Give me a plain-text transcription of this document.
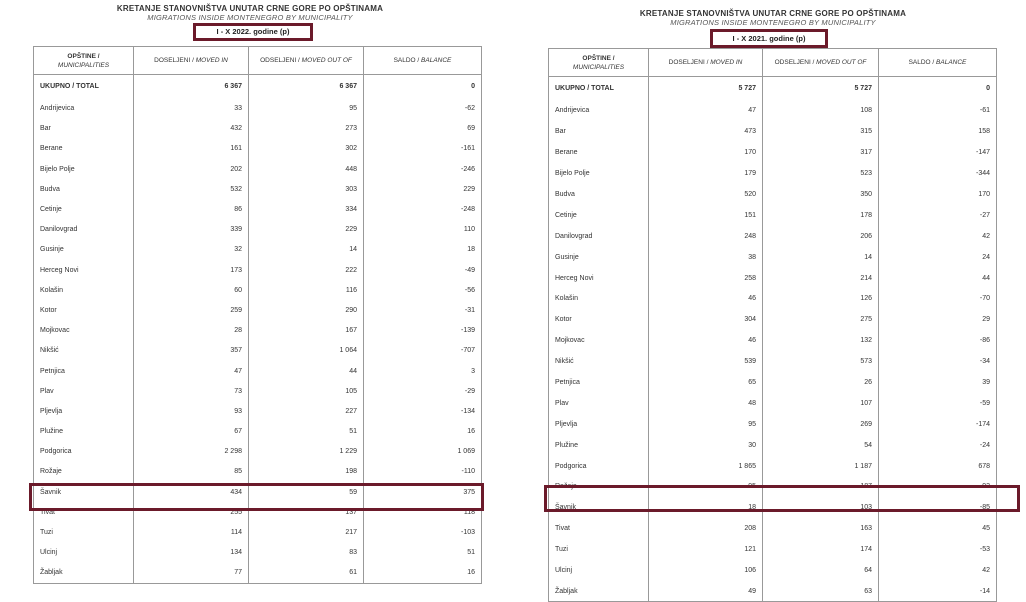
KRETANJE STANOVNIŠTVA UNUTAR CRNE GORE PO OPŠTINAMA
MIGRATIONS INSIDE MONTENEGRO BY MUNICIPALITY
I - X 2022. godine (p)
OPŠTINE /
MUNICIPALITIES	DOSELJENI / MOVED IN	ODSELJENI / MOVED OUT OF	SALDO / BALANCE
UKUPNO / TOTAL	6 367	6 367	0
Andrijevica	33	95	-62
Bar	432	273	69
Berane	161	302	-161
Bijelo Polje	202	448	-246
Budva	532	303	229
Cetinje	86	334	-248
Danilovgrad	339	229	110
Gusinje	32	14	18
Herceg Novi	173	222	-49
Kolašin	60	116	-56
Kotor	259	290	-31
Mojkovac	28	167	-139
Nikšić	357	1 064	-707
Petnjica	47	44	3
Plav	73	105	-29
Pljevlja	93	227	-134
Plužine	67	51	16
Podgorica	2 298	1 229	1 069
Rožaje	85	198	-110
Šavnik	434	59	375
Tivat	255	137	118
Tuzi	114	217	-103
Ulcinj	134	83	51
Žabljak	77	61	16
KRETANJE STANOVNIŠTVA UNUTAR CRNE GORE PO OPŠTINAMA
MIGRATIONS INSIDE MONTENEGRO BY MUNICIPALITY
I - X 2021. godine (p)
OPŠTINE /
MUNICIPALITIES	DOSELJENI / MOVED IN	ODSELJENI / MOVED OUT OF	SALDO / BALANCE
UKUPNO / TOTAL	5 727	5 727	0
Andrijevica	47	108	-61
Bar	473	315	158
Berane	170	317	-147
Bijelo Polje	179	523	-344
Budva	520	350	170
Cetinje	151	178	-27
Danilovgrad	248	206	42
Gusinje	38	14	24
Herceg Novi	258	214	44
Kolašin	46	126	-70
Kotor	304	275	29
Mojkovac	46	132	-86
Nikšić	539	573	-34
Petnjica	65	26	39
Plav	48	107	-59
Pljevlja	95	269	-174
Plužine	30	54	-24
Podgorica	1 865	1 187	678
Rožaje	95	187	-92
Šavnik	18	103	-85
Tivat	208	163	45
Tuzi	121	174	-53
Ulcinj	106	64	42
Žabljak	49	63	-14
